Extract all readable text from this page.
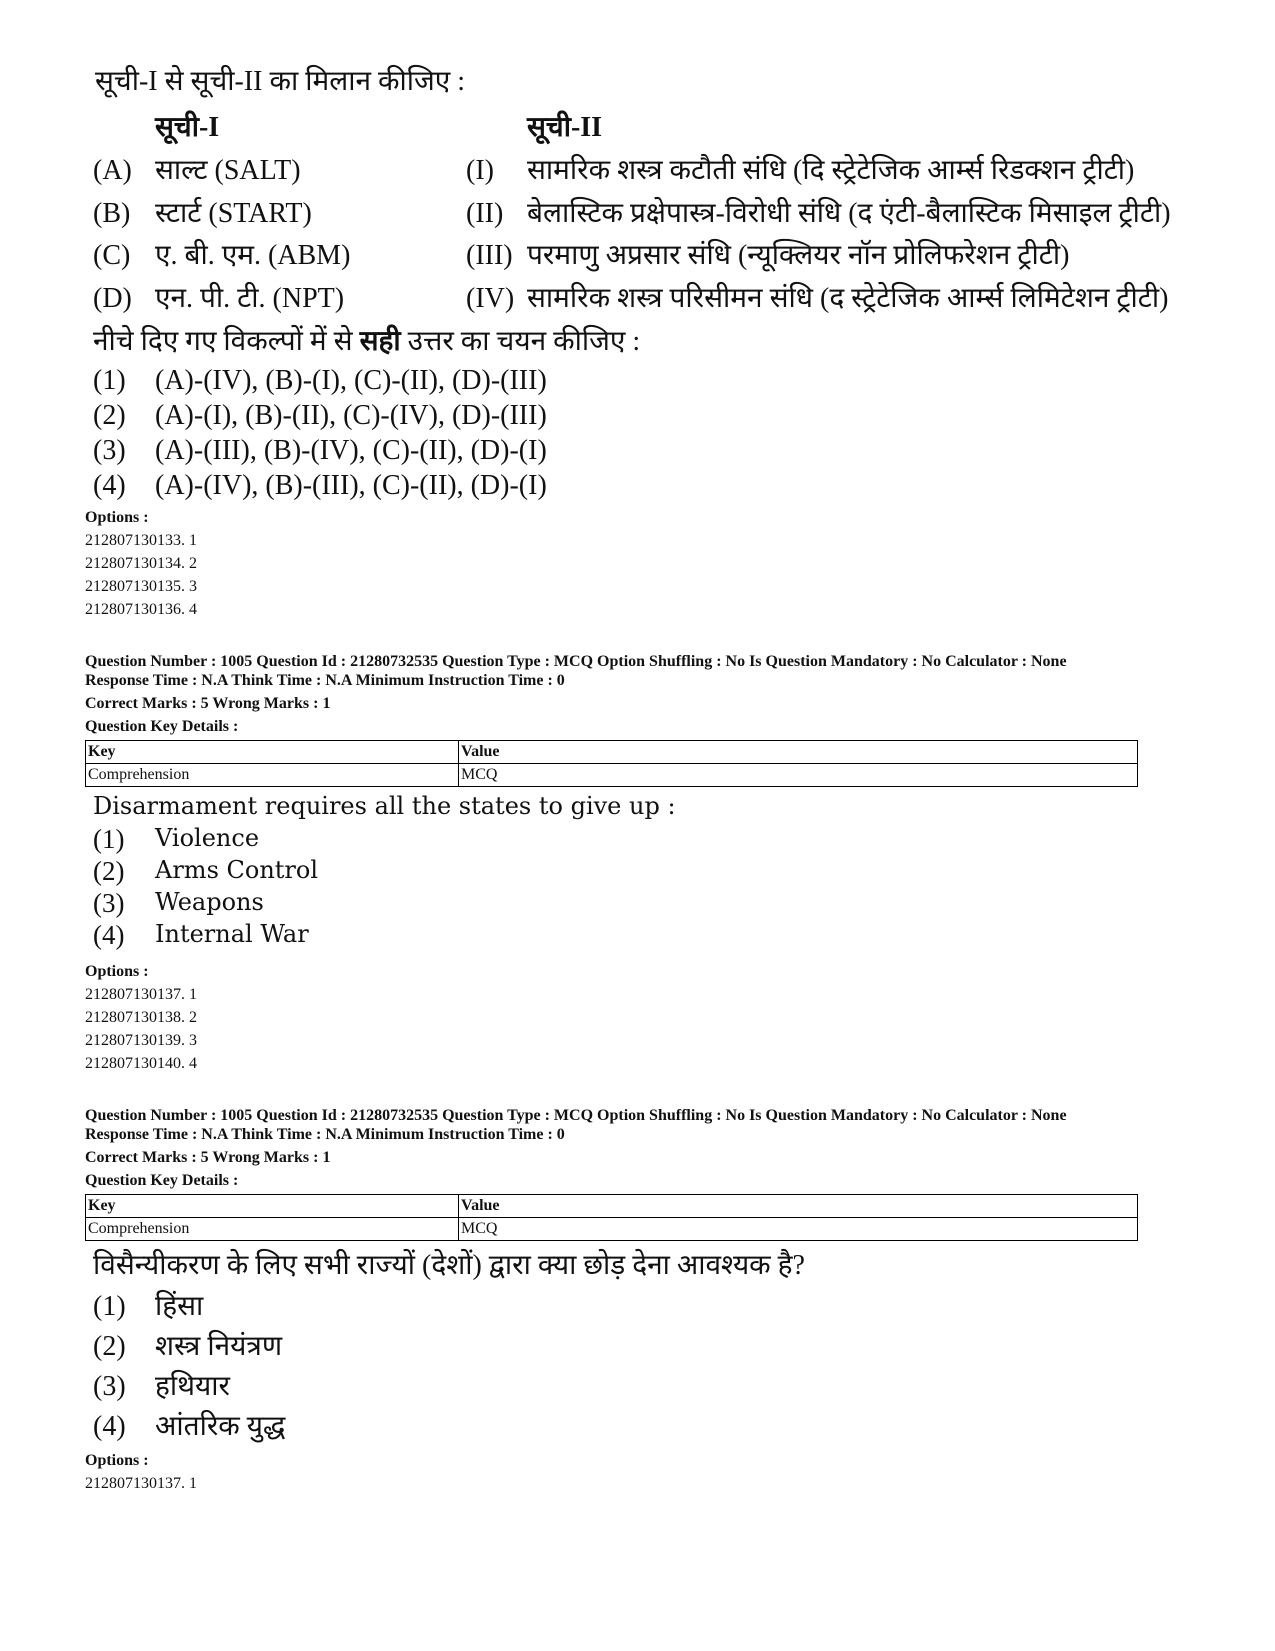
सूची-I से सूची-II का मिलान कीजिए :
सूची-I	सूची-II
(A) साल्ट (SALT)	(I) सामरिक शस्त्र कटौती संधि (दि स्ट्रेटेजिक आर्म्स रिडक्शन ट्रीटी)
(B) स्टार्ट (START)	(II) बेलास्टिक प्रक्षेपास्त्र-विरोधी संधि (द एंटी-बैलास्टिक मिसाइल ट्रीटी)
(C) ए. बी. एम. (ABM)	(III) परमाणु अप्रसार संधि (न्यूक्लियर नॉन प्रोलिफरेशन ट्रीटी)
(D) एन. पी. टी. (NPT)	(IV) सामरिक शस्त्र परिसीमन संधि (द स्ट्रेटेजिक आर्म्स लिमिटेशन ट्रीटी)
नीचे दिए गए विकल्पों में से सही उत्तर का चयन कीजिए :
(1) (A)-(IV), (B)-(I), (C)-(II), (D)-(III)
(2) (A)-(I), (B)-(II), (C)-(IV), (D)-(III)
(3) (A)-(III), (B)-(IV), (C)-(II), (D)-(I)
(4) (A)-(IV), (B)-(III), (C)-(II), (D)-(I)
Options :
212807130133. 1
212807130134. 2
212807130135. 3
212807130136. 4
Question Number : 1005 Question Id : 21280732535 Question Type : MCQ Option Shuffling : No Is Question Mandatory : No Calculator : None
Response Time : N.A Think Time : N.A Minimum Instruction Time : 0
Correct Marks : 5 Wrong Marks : 1
Question Key Details :
Key	Value
Comprehension	MCQ
Disarmament requires all the states to give up :
(1) Violence
(2) Arms Control
(3) Weapons
(4) Internal War
Options :
212807130137. 1
212807130138. 2
212807130139. 3
212807130140. 4
Question Number : 1005 Question Id : 21280732535 Question Type : MCQ Option Shuffling : No Is Question Mandatory : No Calculator : None
Response Time : N.A Think Time : N.A Minimum Instruction Time : 0
Correct Marks : 5 Wrong Marks : 1
Question Key Details :
Key	Value
Comprehension	MCQ
विसैन्यीकरण के लिए सभी राज्यों (देशों) द्वारा क्या छोड़ देना आवश्यक है?
(1) हिंसा
(2) शस्त्र नियंत्रण
(3) हथियार
(4) आंतरिक युद्ध
Options :
212807130137. 1
